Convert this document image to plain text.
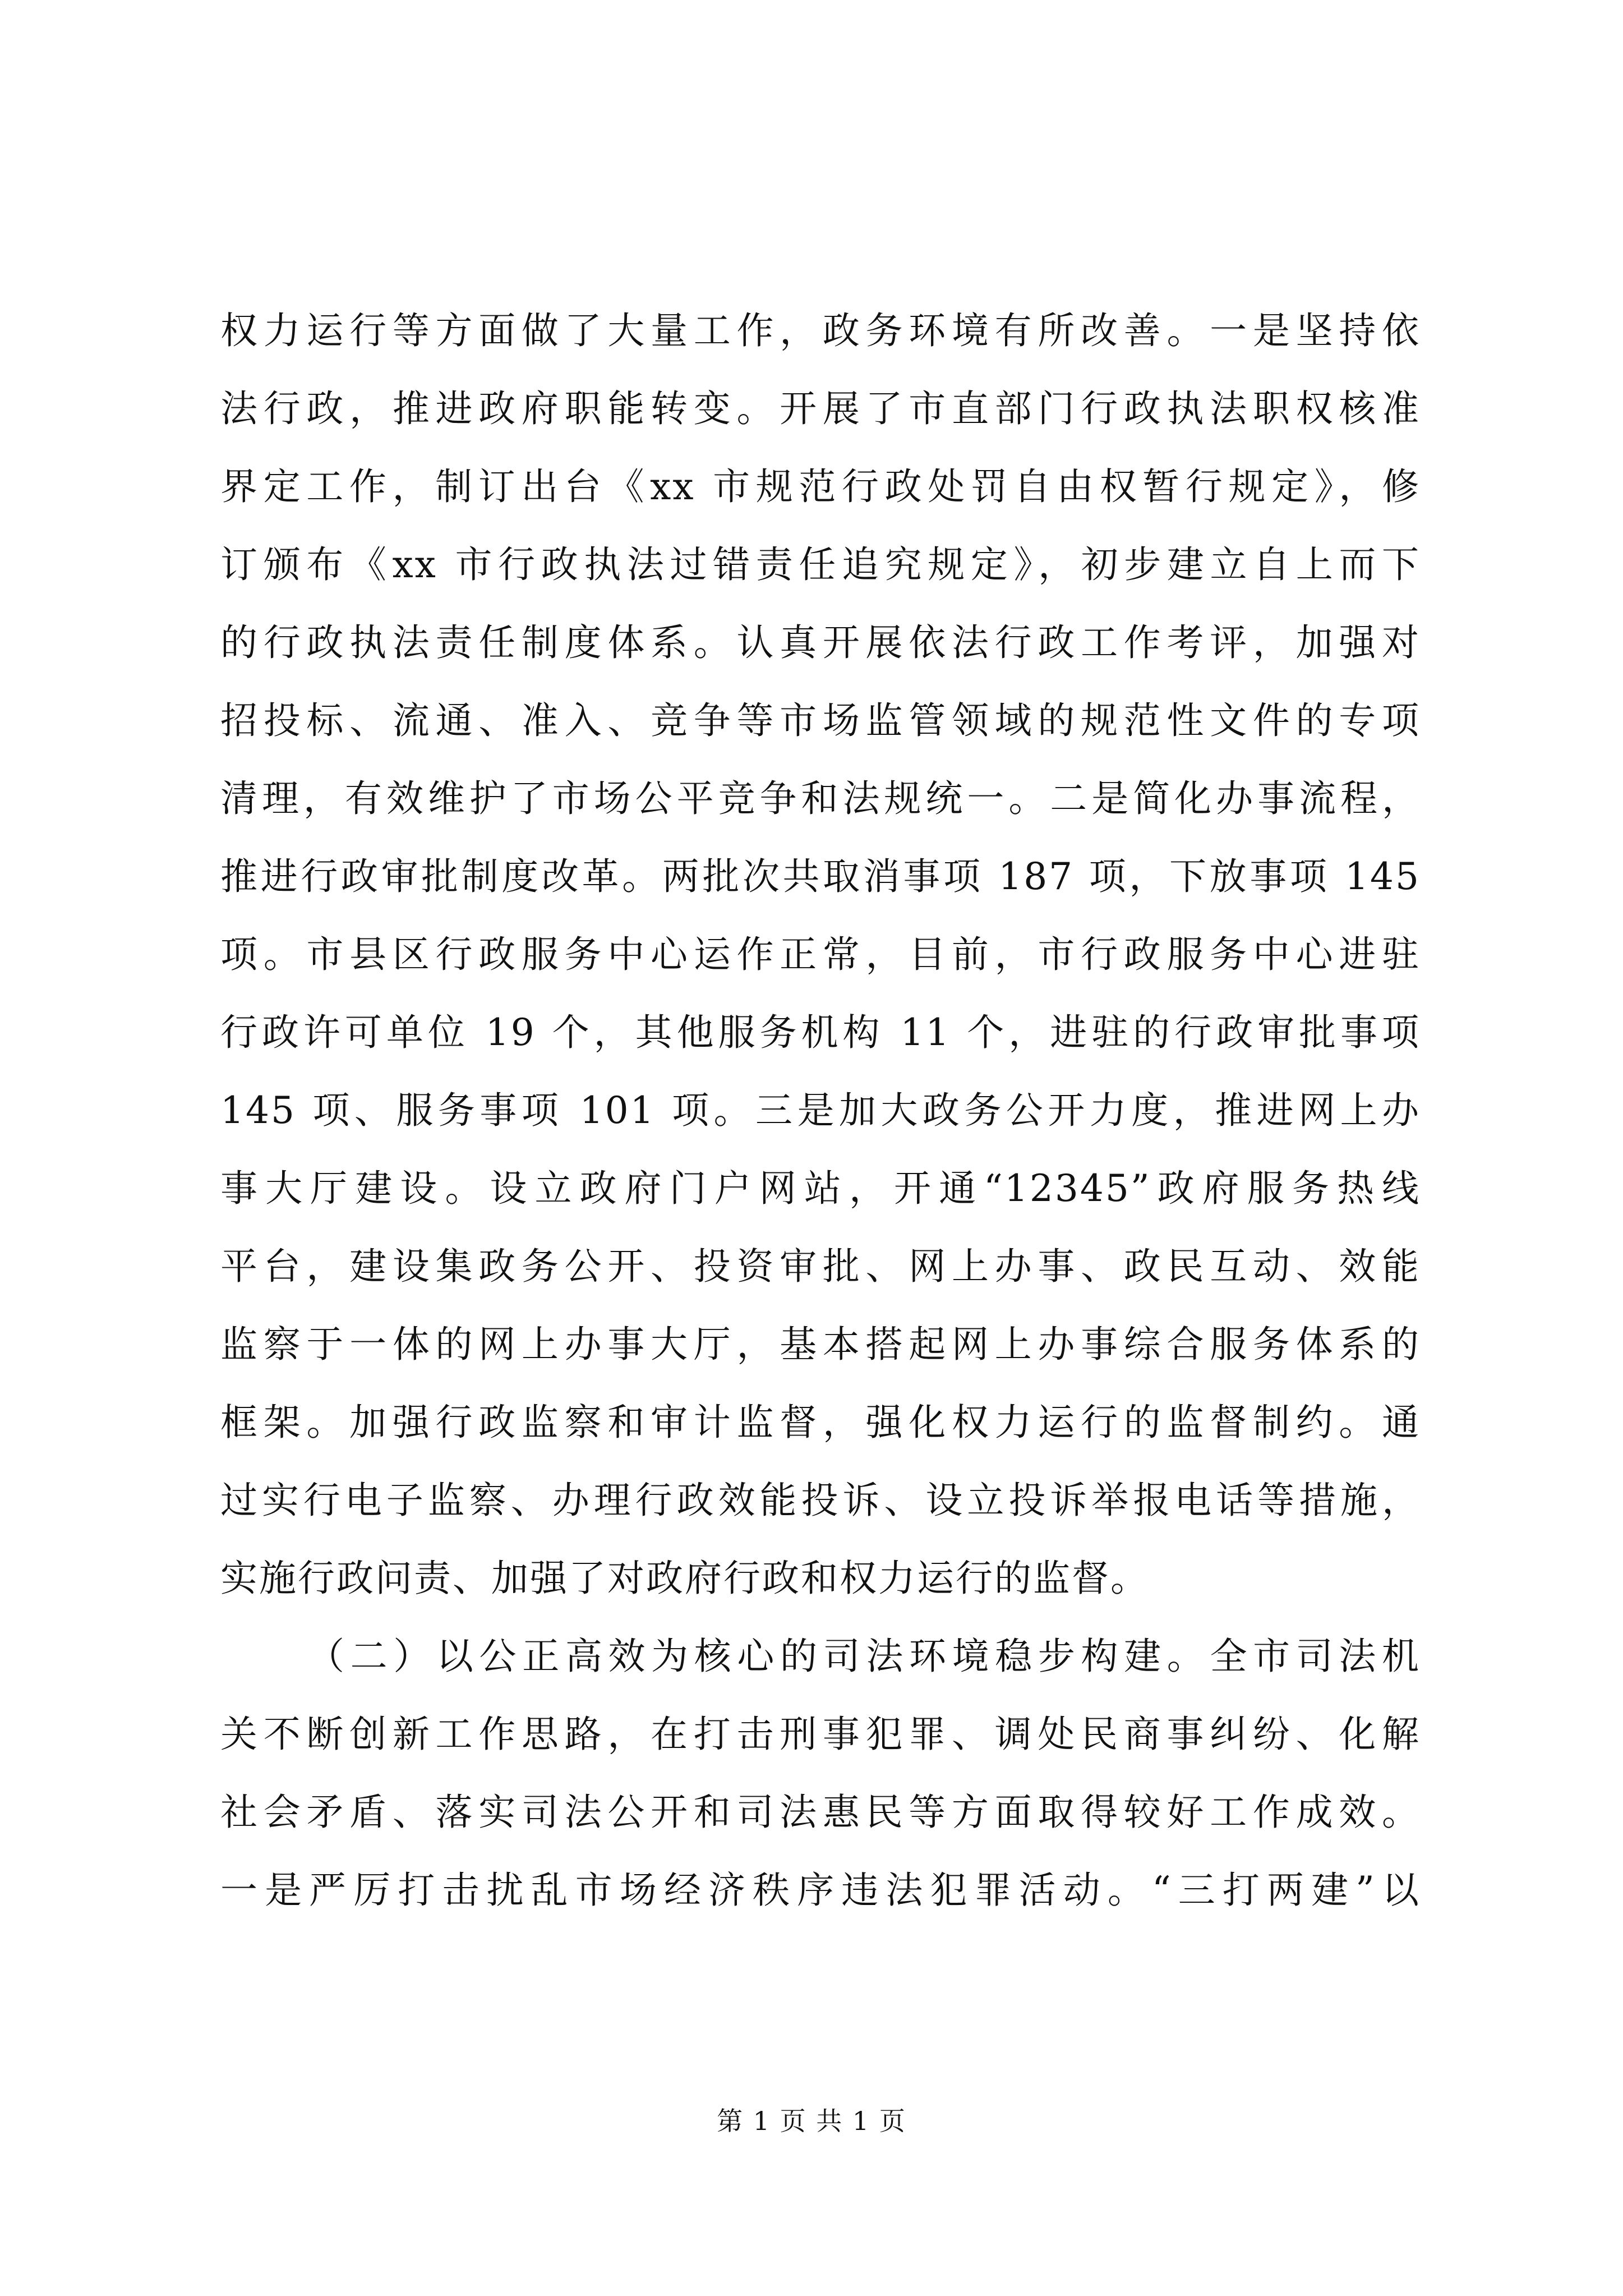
权力运行等方面做了大量工作，政务环境有所改善。一是坚持依
法行政，推进政府职能转变。开展了市直部门行政执法职权核准
界定工作，制订出台《xx 市规范行政处罚自由权暂行规定》，修
订颁布《xx 市行政执法过错责任追究规定》，初步建立自上而下
的行政执法责任制度体系。认真开展依法行政工作考评，加强对
招投标、流通、准入、竞争等市场监管领域的规范性文件的专项
清理，有效维护了市场公平竞争和法规统一。二是简化办事流程，
推进行政审批制度改革。两批次共取消事项 187 项，下放事项 145
项。市县区行政服务中心运作正常，目前，市行政服务中心进驻
行政许可单位 19 个，其他服务机构 11 个，进驻的行政审批事项
145 项、服务事项 101 项。三是加大政务公开力度，推进网上办
事大厅建设。设立政府门户网站，开通“12345”政府服务热线
平台，建设集政务公开、投资审批、网上办事、政民互动、效能
监察于一体的网上办事大厅，基本搭起网上办事综合服务体系的
框架。加强行政监察和审计监督，强化权力运行的监督制约。通
过实行电子监察、办理行政效能投诉、设立投诉举报电话等措施，
实施行政问责、加强了对政府行政和权力运行的监督。
（二）以公正高效为核心的司法环境稳步构建。全市司法机
关不断创新工作思路，在打击刑事犯罪、调处民商事纠纷、化解
社会矛盾、落实司法公开和司法惠民等方面取得较好工作成效。
一是严厉打击扰乱市场经济秩序违法犯罪活动。“三打两建”以
第 1 页 共 1 页
